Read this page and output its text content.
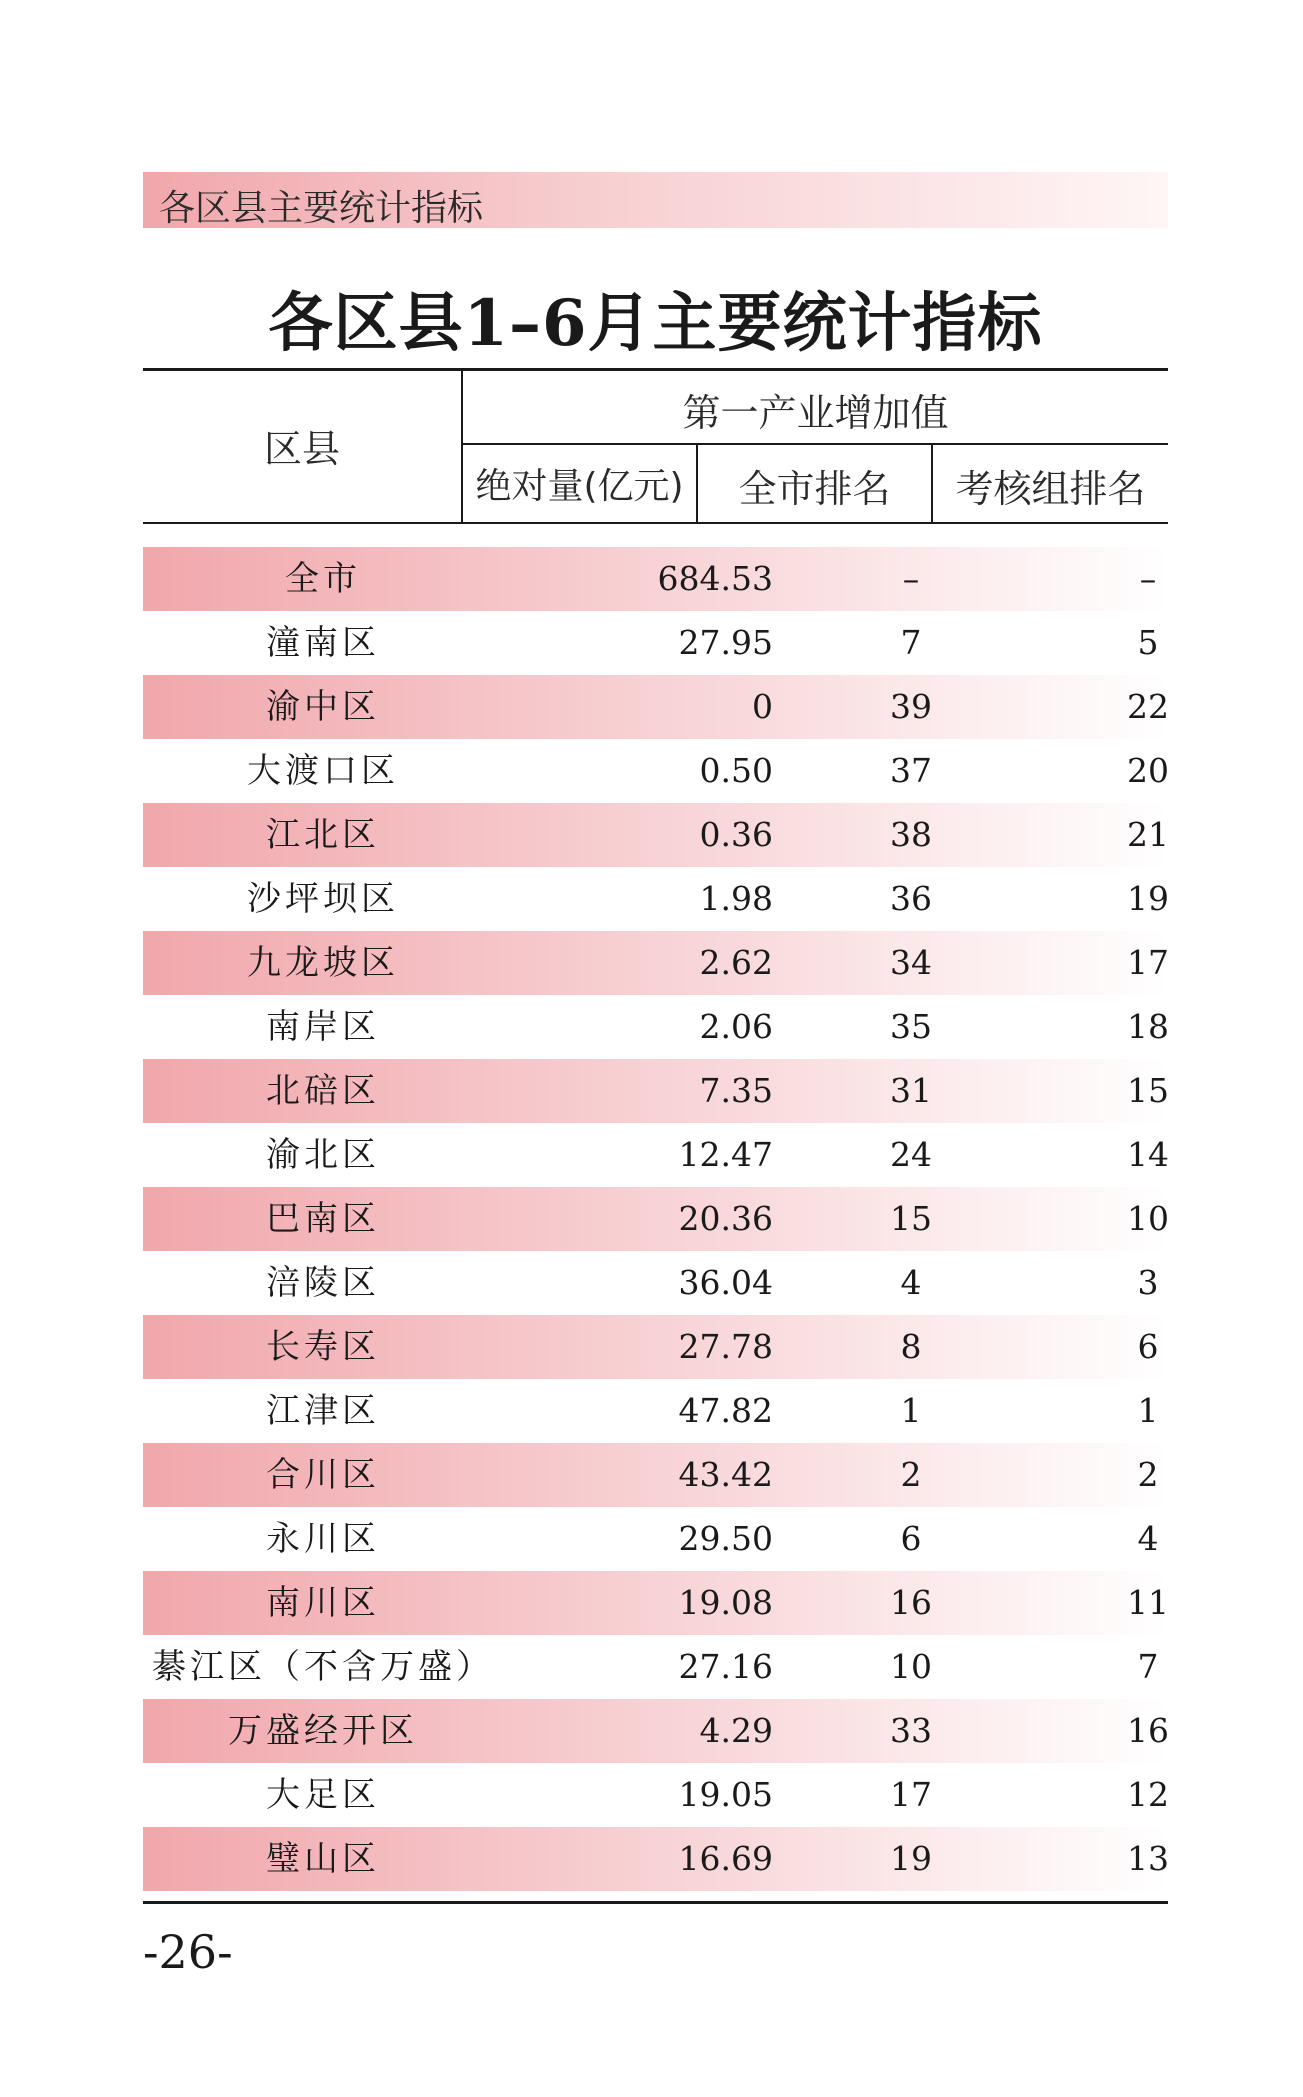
各区县主要统计指标
各区县1–6月主要统计指标
区县
第一产业增加值
绝对量(亿元)	全市排名	考核组排名
全市	684.53	–	–
潼南区	27.95	7	5
渝中区	0	39	22
大渡口区	0.50	37	20
江北区	0.36	38	21
沙坪坝区	1.98	36	19
九龙坡区	2.62	34	17
南岸区	2.06	35	18
北碚区	7.35	31	15
渝北区	12.47	24	14
巴南区	20.36	15	10
涪陵区	36.04	4	3
长寿区	27.78	8	6
江津区	47.82	1	1
合川区	43.42	2	2
永川区	29.50	6	4
南川区	19.08	16	11
綦江区（不含万盛）	27.16	10	7
万盛经开区	4.29	33	16
大足区	19.05	17	12
璧山区	16.69	19	13
-26-
